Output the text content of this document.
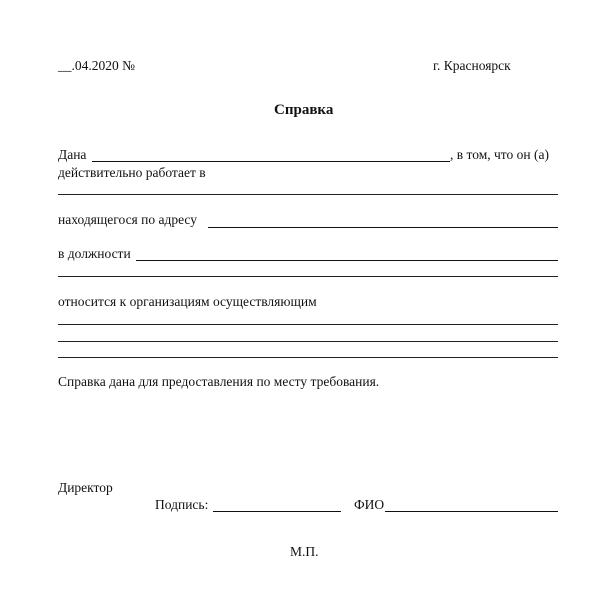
__.04.2020 №	г. Красноярск
Справка
Дана	, в том, что он (а)
действительно работает в
находящегося по адресу
в должности
относится к организациям осуществляющим
Справка дана для предоставления по месту требования.
Директор
Подпись:	ФИО
М.П.
